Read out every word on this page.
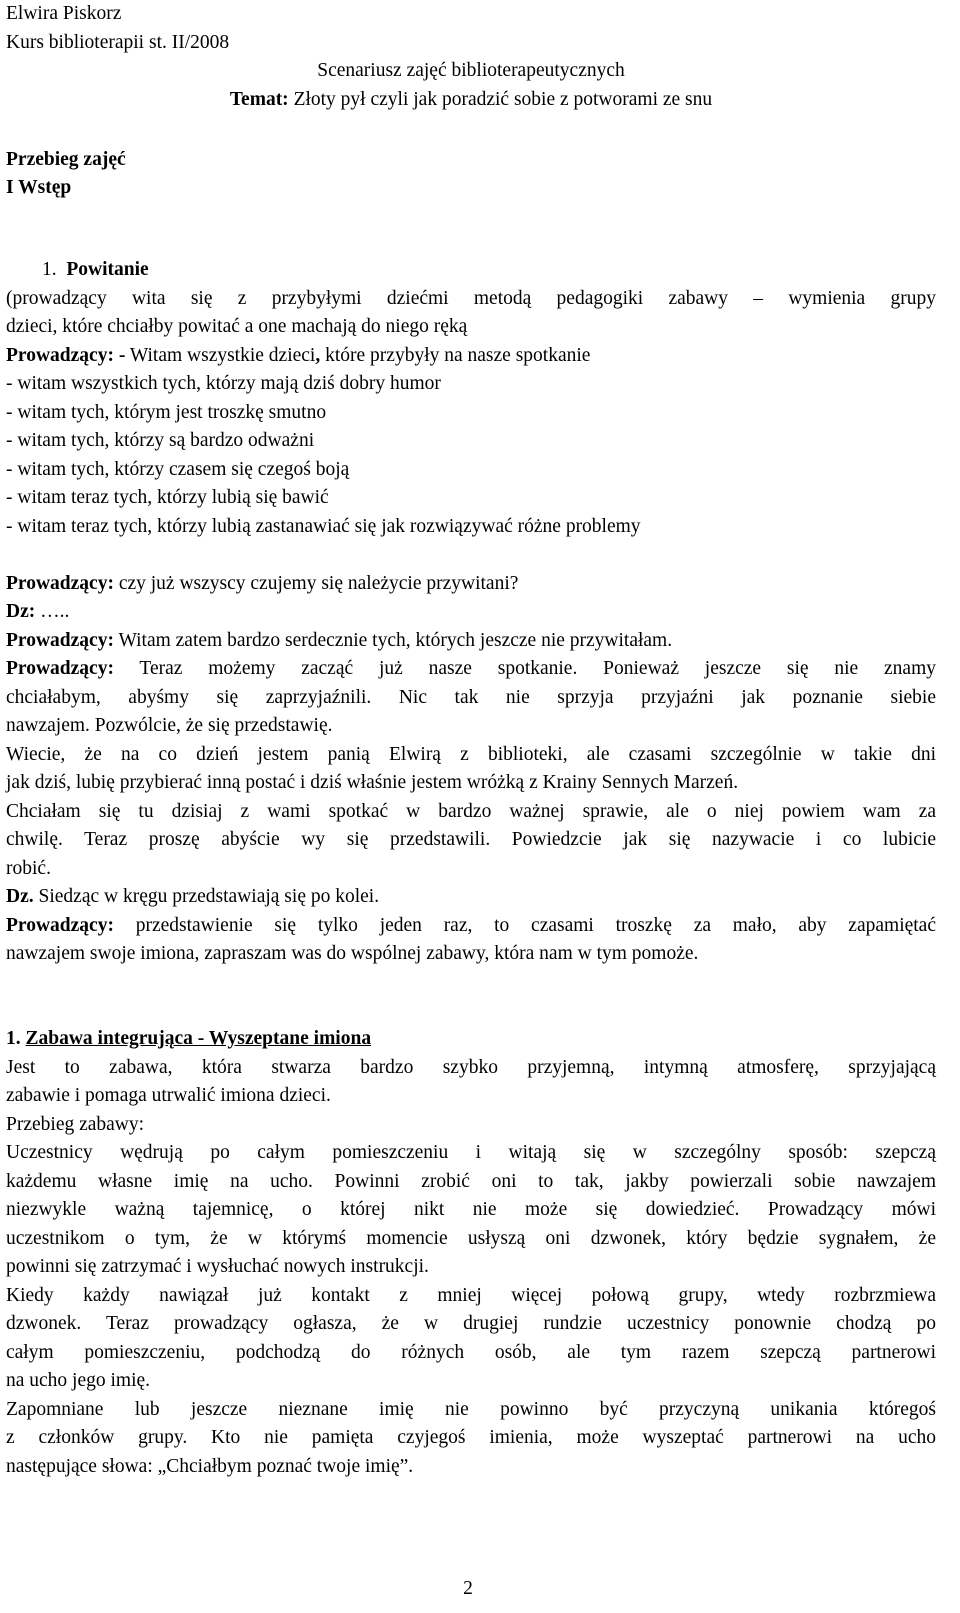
Elwira Piskorz
Kurs biblioterapii st. II/2008
Scenariusz zajęć biblioterapeutycznych
Temat: Złoty pył czyli jak poradzić sobie z potworami ze snu
Przebieg zajęć
I Wstęp
1. Powitanie
(prowadzący wita się z przybyłymi dziećmi metodą pedagogiki zabawy – wymienia grupy
dzieci, które chciałby powitać a one machają do niego ręką
Prowadzący: - Witam wszystkie dzieci, które przybyły na nasze spotkanie
- witam wszystkich tych, którzy mają dziś dobry humor
- witam tych, którym jest troszkę smutno
- witam tych, którzy są bardzo odważni
- witam tych, którzy czasem się czegoś boją
- witam teraz tych, którzy lubią się bawić
- witam teraz tych, którzy lubią zastanawiać się jak rozwiązywać różne problemy
Prowadzący: czy już wszyscy czujemy się należycie przywitani?
Dz: …..
Prowadzący: Witam zatem bardzo serdecznie tych, których jeszcze nie przywitałam.
Prowadzący: Teraz możemy zacząć już nasze spotkanie. Ponieważ jeszcze się nie znamy
chciałabym, abyśmy się zaprzyjaźnili. Nic tak nie sprzyja przyjaźni jak poznanie siebie
nawzajem. Pozwólcie, że się przedstawię.
Wiecie, że na co dzień jestem panią Elwirą z biblioteki, ale czasami szczególnie w takie dni
jak dziś, lubię przybierać inną postać i dziś właśnie jestem wróżką z Krainy Sennych Marzeń.
Chciałam się tu dzisiaj z wami spotkać w bardzo ważnej sprawie, ale o niej powiem wam za
chwilę. Teraz proszę abyście wy się przedstawili. Powiedzcie jak się nazywacie i co lubicie
robić.
Dz. Siedząc w kręgu przedstawiają się po kolei.
Prowadzący: przedstawienie się tylko jeden raz, to czasami troszkę za mało, aby zapamiętać
nawzajem swoje imiona, zapraszam was do wspólnej zabawy, która nam w tym pomoże.
1. Zabawa integrująca - Wyszeptane imiona
Jest to zabawa, która stwarza bardzo szybko przyjemną, intymną atmosferę, sprzyjającą
zabawie i pomaga utrwalić imiona dzieci.
Przebieg zabawy:
Uczestnicy wędrują po całym pomieszczeniu i witają się w szczególny sposób: szepczą
każdemu własne imię na ucho. Powinni zrobić oni to tak, jakby powierzali sobie nawzajem
niezwykle ważną tajemnicę, o której nikt nie może się dowiedzieć. Prowadzący mówi
uczestnikom o tym, że w którymś momencie usłyszą oni dzwonek, który będzie sygnałem, że
powinni się zatrzymać i wysłuchać nowych instrukcji.
Kiedy każdy nawiązał już kontakt z mniej więcej połową grupy, wtedy rozbrzmiewa
dzwonek. Teraz prowadzący ogłasza, że w drugiej rundzie uczestnicy ponownie chodzą po
całym pomieszczeniu, podchodzą do różnych osób, ale tym razem szepczą partnerowi
na ucho jego imię.
Zapomniane lub jeszcze nieznane imię nie powinno być przyczyną unikania któregoś
z członków grupy. Kto nie pamięta czyjegoś imienia, może wyszeptać partnerowi na ucho
następujące słowa: „Chciałbym poznać twoje imię”.
2
